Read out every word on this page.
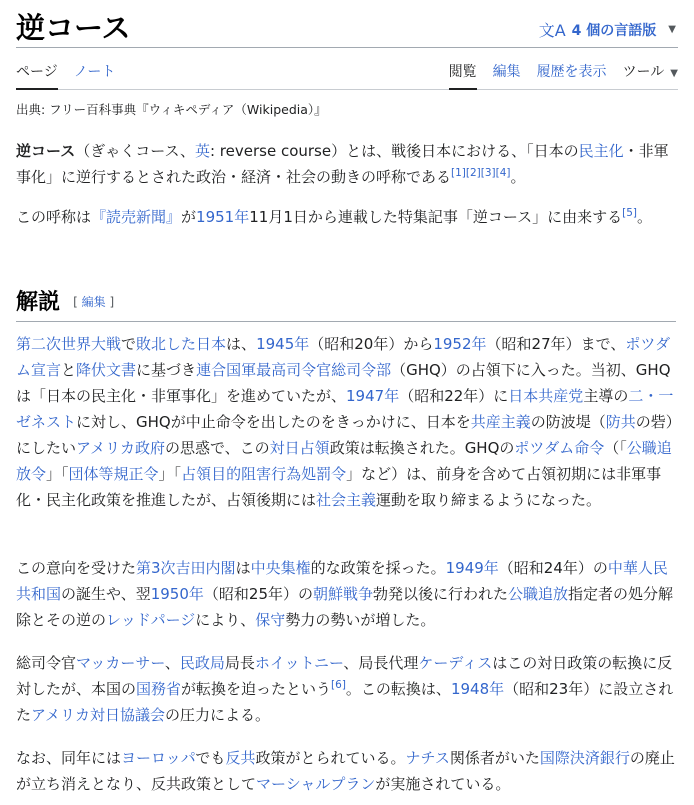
逆コース	文A 4 個の言語版 ▼
ページ ノート	閲覧 編集 履歴を表示 ツール ▼
出典: フリー百科事典『ウィキペディア（Wikipedia）』

逆コース（ぎゃくコース、英: reverse course）とは、戦後日本における、「日本の民主化・非軍事化」に逆行するとされた政治・経済・社会の動きの呼称である[1][2][3][4]。

この呼称は『読売新聞』が1951年11月1日から連載した特集記事「逆コース」に由来する[5]。

解説 [ 編集 ]

第二次世界大戦で敗北した日本は、1945年（昭和20年）から1952年（昭和27年）まで、ポツダム宣言と降伏文書に基づき連合国軍最高司令官総司令部（GHQ）の占領下に入った。当初、GHQは「日本の民主化・非軍事化」を進めていたが、1947年（昭和22年）に日本共産党主導の二・一ゼネストに対し、GHQが中止命令を出したのをきっかけに、日本を共産主義の防波堤（防共の砦）にしたいアメリカ政府の思惑で、この対日占領政策は転換された。GHQのポツダム命令（「公職追放令」「団体等規正令」「占領目的阻害行為処罰令」など）は、前身を含めて占領初期には非軍事化・民主化政策を推進したが、占領後期には社会主義運動を取り締まるようになった。

この意向を受けた第3次吉田内閣は中央集権的な政策を採った。1949年（昭和24年）の中華人民共和国の誕生や、翌1950年（昭和25年）の朝鮮戦争勃発以後に行われた公職追放指定者の処分解除とその逆のレッドパージにより、保守勢力の勢いが増した。

総司令官マッカーサー、民政局局長ホイットニー、局長代理ケーディスはこの対日政策の転換に反対したが、本国の国務省が転換を迫ったという[6]。この転換は、1948年（昭和23年）に設立されたアメリカ対日協議会の圧力による。

なお、同年にはヨーロッパでも反共政策がとられている。ナチス関係者がいた国際決済銀行の廃止が立ち消えとなり、反共政策としてマーシャルプランが実施されている。
